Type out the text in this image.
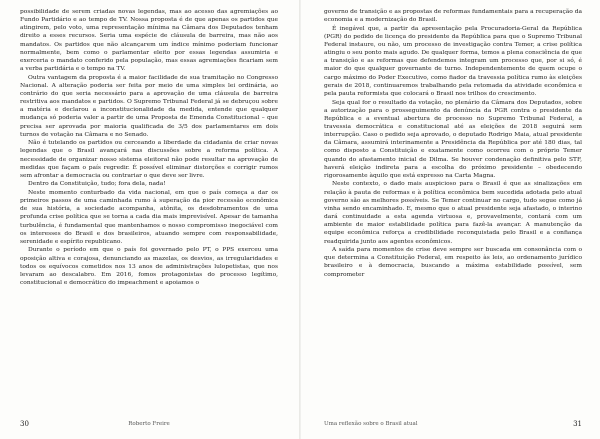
possibilidade de serem criadas novas legendas, mas ao acesso das agremiações ao Fundo Partidário e ao tempo de TV. Nossa proposta é de que apenas os partidos que atingirem, pelo voto, uma representação mínima na Câmara dos Deputados tenham direito a esses recursos. Seria uma espécie de cláusula de barreira, mas não aos mandatos. Os partidos que não alcançarem um índice mínimo poderiam funcionar normalmente, bem como o parlamentar eleito por essas legendas assumiria e exerceria o mandato conferido pela população, mas essas agremiações ficariam sem a verba partidária e o tempo na TV.

Outra vantagem da proposta é a maior facilidade de sua tramitação no Congresso Nacional. A alteração poderia ser feita por meio de uma simples lei ordinária, ao contrário do que seria necessário para a aprovação de uma cláusula de barreira restritiva aos mandatos e partidos. O Supremo Tribunal Federal já se debruçou sobre a matéria e declarou a inconstitucionalidade da medida, entende que qualquer mudança só poderia valer a partir de uma Proposta de Emenda Constitucional – que precisa ser aprovada por maioria qualificada de 3/5 dos parlamentares em dois turnos de votação na Câmara e no Senado.

Não é tutelando os partidos ou cerceando a liberdade da cidadania de criar novas legendas que o Brasil avançará nas discussões sobre a reforma política. A necessidade de organizar nosso sistema eleitoral não pode resultar na aprovação de medidas que façam o país regredir. É possível eliminar distorções e corrigir rumos sem afrontar a democracia ou contrariar o que deve ser livre.

Dentro da Constituição, tudo; fora dela, nada!

Neste momento conturbado da vida nacional, em que o país começa a dar os primeiros passos de uma caminhada rumo à superação da pior recessão econômica de sua história, a sociedade acompanha, atônita, os desdobramentos de uma profunda crise política que se torna a cada dia mais imprevisível. Apesar de tamanha turbulência, é fundamental que mantenhamos o nosso compromisso inegociável com os interesses do Brasil e dos brasileiros, atuando sempre com responsabilidade, serenidade e espírito republicano.

Durante o período em que o país foi governado pelo PT, o PPS exerceu uma oposição altiva e corajosa, denunciando as mazelas, os desvios, as irregularidades e todos os equívocos cometidos nos 13 anos de administrações lulopetistas, que nos levaram ao descalabro. Em 2016, fomos protagonistas do processo legítimo, constitucional e democrático do impeachment e apoiamos o

30	Roberto Freire

governo de transição e as propostas de reformas fundamentais para a recuperação da economia e a modernização do Brasil.

É inegável que, a partir da apresentação pela Procuradoria-Geral da República (PGR) do pedido de licença do presidente da República para que o Supremo Tribunal Federal instaure, ou não, um processo de investigação contra Temer, a crise política atingiu o seu ponto mais agudo. De qualquer forma, temos a plena consciência de que a transição e as reformas que defendemos integram um processo que, por si só, é maior do que qualquer governante de turno. Independentemente de quem ocupe o cargo máximo do Poder Executivo, como fiador da travessia política rumo às eleições gerais de 2018, continuaremos trabalhando pela retomada da atividade econômica e pela pauta reformista que colocará o Brasil nos trilhos do crescimento.

Seja qual for o resultado da votação, no plenário da Câmara dos Deputados, sobre a autorização para o prosseguimento da denúncia da PGR contra o presidente da República e a eventual abertura de processo no Supremo Tribunal Federal, a travessia democrática e constitucional até as eleições de 2018 seguirá sem interrupção. Caso o pedido seja aprovado, o deputado Rodrigo Maia, atual presidente da Câmara, assumirá interinamente a Presidência da República por até 180 dias, tal como disposto a Constituição e exatamente como ocorreu com o próprio Temer quando do afastamento inicial de Dilma. Se houver condenação definitiva pelo STF, haverá eleição indireta para a escolha do próximo presidente – obedecendo rigorosamente àquilo que está expresso na Carta Magna.

Neste contexto, o dado mais auspicioso para o Brasil é que as sinalizações em relação à pauta de reformas e à política econômica bem sucedida adotada pelo atual governo são as melhores possíveis. Se Temer continuar no cargo, tudo segue como já vinha sendo encaminhado. E, mesmo que o atual presidente seja afastado, o interino dará continuidade a esta agenda virtuosa e, provavelmente, contará com um ambiente de maior estabilidade política para fazê-la avançar. A manutenção da equipe econômica reforça a credibilidade reconquistada pelo Brasil e a confiança readquirida junto aos agentes econômicos.

A saída para momentos de crise deve sempre ser buscada em consonância com o que determina a Constituição Federal, em respeito às leis, ao ordenamento jurídico brasileiro e à democracia, buscando a máxima estabilidade possível, sem comprometer

Uma reflexão sobre o Brasil atual	31
